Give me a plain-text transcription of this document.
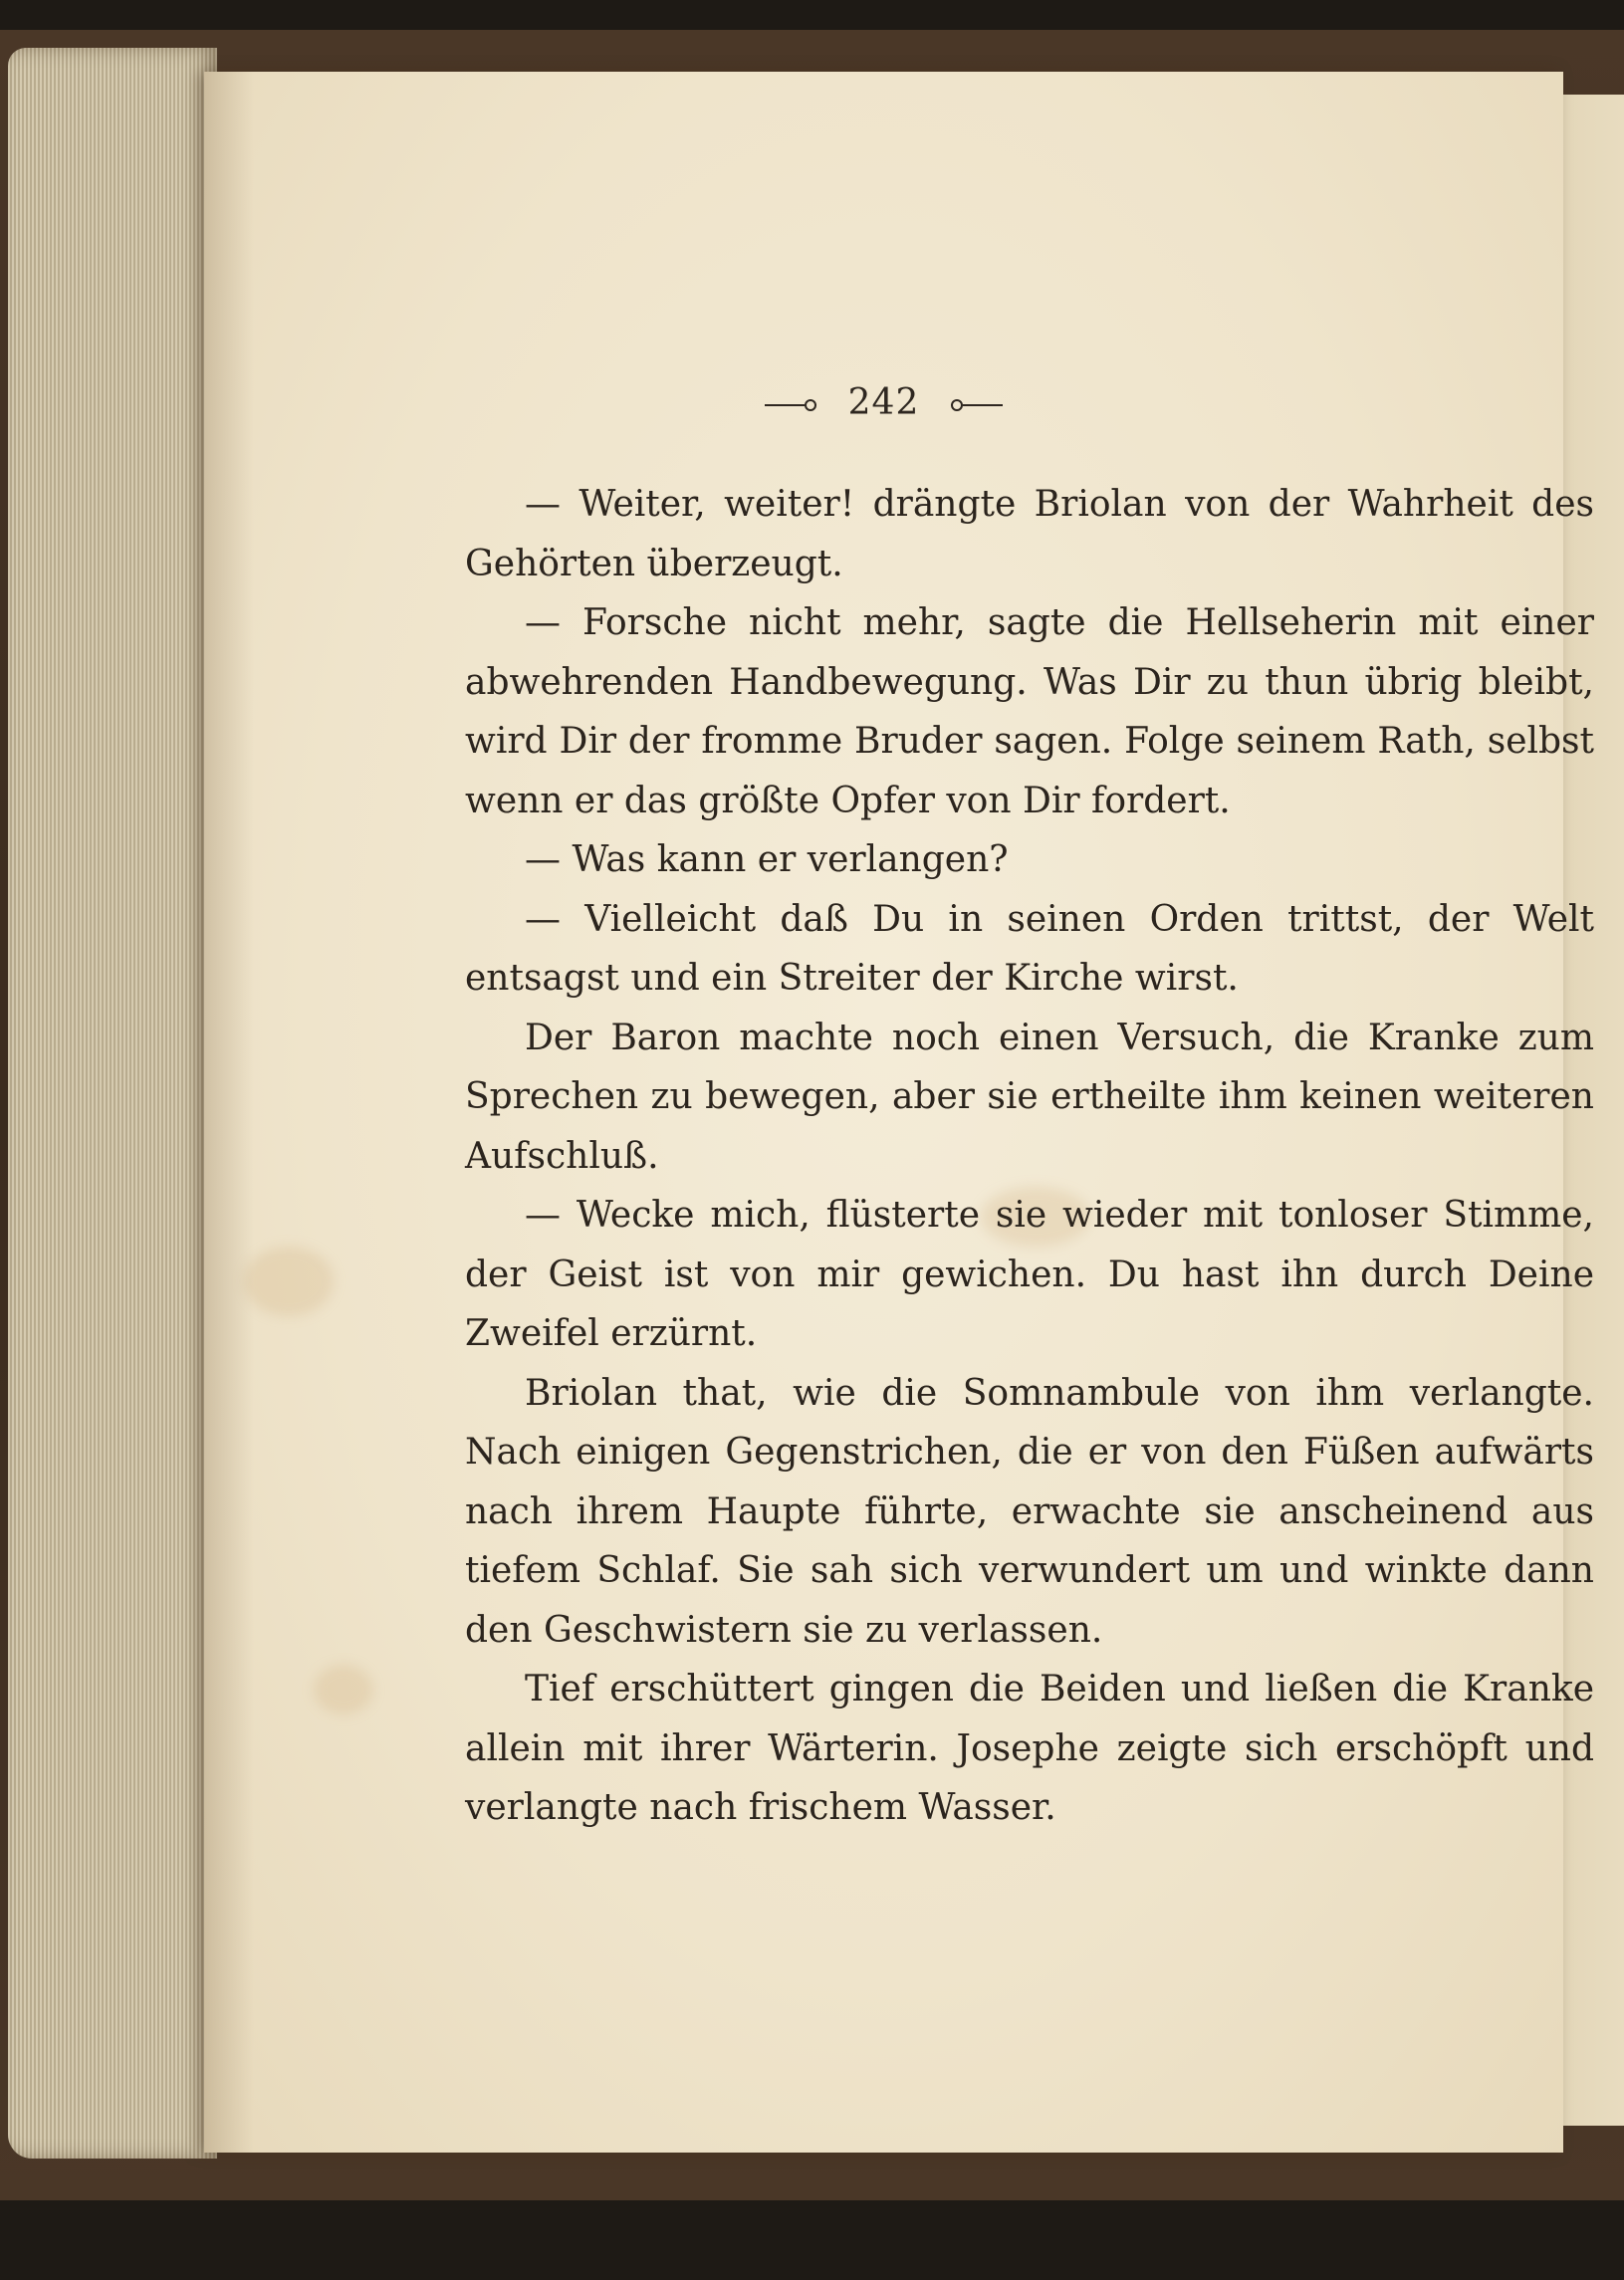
242

— Weiter, weiter! drängte Briolan von der Wahrheit des Gehörten überzeugt.

— Forsche nicht mehr, sagte die Hellseherin mit einer abwehrenden Handbewegung. Was Dir zu thun übrig bleibt, wird Dir der fromme Bruder sagen. Folge seinem Rath, selbst wenn er das größte Opfer von Dir fordert.

— Was kann er verlangen?

— Vielleicht daß Du in seinen Orden trittst, der Welt entsagst und ein Streiter der Kirche wirst.

Der Baron machte noch einen Versuch, die Kranke zum Sprechen zu bewegen, aber sie ertheilte ihm keinen weiteren Aufschluß.

— Wecke mich, flüsterte sie wieder mit tonloser Stimme, der Geist ist von mir gewichen. Du hast ihn durch Deine Zweifel erzürnt.

Briolan that, wie die Somnambule von ihm verlangte. Nach einigen Gegenstrichen, die er von den Füßen aufwärts nach ihrem Haupte führte, erwachte sie anscheinend aus tiefem Schlaf. Sie sah sich verwundert um und winkte dann den Geschwistern sie zu verlassen.

Tief erschüttert gingen die Beiden und ließen die Kranke allein mit ihrer Wärterin. Josephe zeigte sich erschöpft und verlangte nach frischem Wasser.
